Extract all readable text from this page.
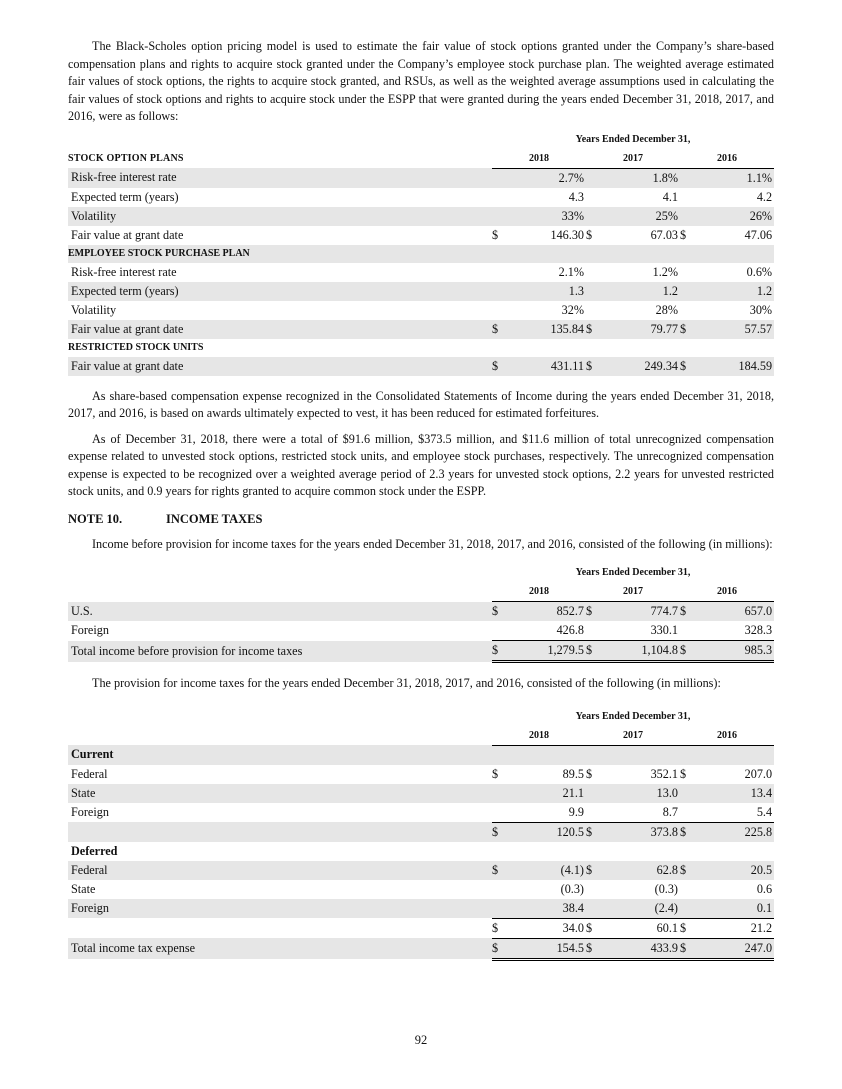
The Black-Scholes option pricing model is used to estimate the fair value of stock options granted under the Company’s share-based compensation plans and rights to acquire stock granted under the Company’s employee stock purchase plan. The weighted average estimated fair values of stock options, the rights to acquire stock granted, and RSUs, as well as the weighted average assumptions used in calculating the fair values of stock options and rights to acquire stock under the ESPP that were granted during the years ended December 31, 2018, 2017, and 2016, were as follows:

	Years Ended December 31,					
STOCK OPTION PLANS	2018		2017		2016	
Risk-free interest rate		2.7%		1.8%		1.1%
Expected term (years)		4.3		4.1		4.2
Volatility		33%		25%		26%
Fair value at grant date	$	146.30	$	67.03	$	47.06
EMPLOYEE STOCK PURCHASE PLAN						
Risk-free interest rate		2.1%		1.2%		0.6%
Expected term (years)		1.3		1.2		1.2
Volatility		32%		28%		30%
Fair value at grant date	$	135.84	$	79.77	$	57.57
RESTRICTED STOCK UNITS						
Fair value at grant date	$	431.11	$	249.34	$	184.59

As share-based compensation expense recognized in the Consolidated Statements of Income during the years ended December 31, 2018, 2017, and 2016, is based on awards ultimately expected to vest, it has been reduced for estimated forfeitures.

As of December 31, 2018, there were a total of $91.6 million, $373.5 million, and $11.6 million of total unrecognized compensation expense related to unvested stock options, restricted stock units, and employee stock purchases, respectively. The unrecognized compensation expense is expected to be recognized over a weighted average period of 2.3 years for unvested stock options, 2.2 years for unvested restricted stock units, and 0.9 years for rights granted to acquire common stock under the ESPP.

NOTE 10.	INCOME TAXES

Income before provision for income taxes for the years ended December 31, 2018, 2017, and 2016, consisted of the following (in millions):

	Years Ended December 31,					
	2018		2017		2016	
U.S.	$	852.7	$	774.7	$	657.0
Foreign		426.8		330.1		328.3
Total income before provision for income taxes	$	1,279.5	$	1,104.8	$	985.3

The provision for income taxes for the years ended December 31, 2018, 2017, and 2016, consisted of the following (in millions):

	Years Ended December 31,					
	2018		2017		2016	
Current						
Federal	$	89.5	$	352.1	$	207.0
State		21.1		13.0		13.4
Foreign		9.9		8.7		5.4
	$	120.5	$	373.8	$	225.8
Deferred						
Federal	$	(4.1)	$	62.8	$	20.5
State		(0.3)		(0.3)		0.6
Foreign		38.4		(2.4)		0.1
	$	34.0	$	60.1	$	21.2
Total income tax expense	$	154.5	$	433.9	$	247.0
92
